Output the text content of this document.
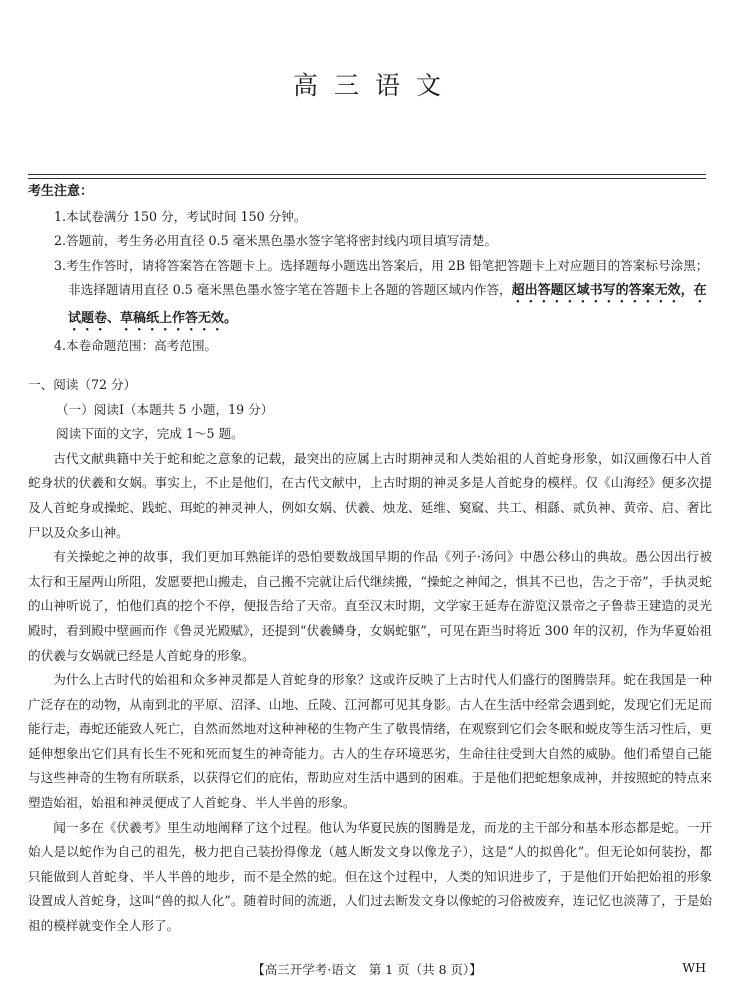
高三语文
考生注意：
1.本试卷满分 150 分，考试时间 150 分钟。
2.答题前，考生务必用直径 0.5 毫米黑色墨水签字笔将密封线内项目填写清楚。
3.考生作答时，请将答案答在答题卡上。选择题每小题选出答案后，用 2B 铅笔把答题卡上对应题目的答案标号涂黑；非选择题请用直径 0.5 毫米黑色墨水签字笔在答题卡上各题的答题区域内作答，超出答题区域书写的答案无效，在试题卷、草稿纸上作答无效。
4.本卷命题范围：高考范围。
一、阅读（72 分）
（一）阅读Ⅰ（本题共 5 小题，19 分）
阅读下面的文字，完成 1～5 题。

古代文献典籍中关于蛇和蛇之意象的记载，最突出的应属上古时期神灵和人类始祖的人首蛇身形象，如汉画像石中人首蛇身状的伏羲和女娲。事实上，不止是他们，在古代文献中，上古时期的神灵多是人首蛇身的模样。仅《山海经》便多次提及人首蛇身或操蛇、践蛇、珥蛇的神灵神人，例如女娲、伏羲、烛龙、延维、窫窳、共工、相繇、贰负神、黄帝、启、奢比尸以及众多山神。

有关操蛇之神的故事，我们更加耳熟能详的恐怕要数战国早期的作品《列子·汤问》中愚公移山的典故。愚公因出行被太行和王屋两山所阻，发愿要把山搬走，自己搬不完就让后代继续搬，“操蛇之神闻之，惧其不已也，告之于帝”，手执灵蛇的山神听说了，怕他们真的挖个不停，便报告给了天帝。直至汉末时期，文学家王延寿在游览汉景帝之子鲁恭王建造的灵光殿时，看到殿中壁画而作《鲁灵光殿赋》，还提到“伏羲鳞身，女娲蛇躯”，可见在距当时将近 300 年的汉初，作为华夏始祖的伏羲与女娲就已经是人首蛇身的形象。

为什么上古时代的始祖和众多神灵都是人首蛇身的形象？这或许反映了上古时代人们盛行的图腾崇拜。蛇在我国是一种广泛存在的动物，从南到北的平原、沼泽、山地、丘陵、江河都可见其身影。古人在生活中经常会遇到蛇，发现它们无足而能行走，毒蛇还能致人死亡，自然而然地对这种神秘的生物产生了敬畏情绪，在观察到它们会冬眠和蜕皮等生活习性后，更延伸想象出它们具有长生不死和死而复生的神奇能力。古人的生存环境恶劣，生命往往受到大自然的威胁。他们希望自己能与这些神奇的生物有所联系，以获得它们的庇佑，帮助应对生活中遇到的困难。于是他们把蛇想象成神，并按照蛇的特点来塑造始祖，始祖和神灵便成了人首蛇身、半人半兽的形象。

闻一多在《伏羲考》里生动地阐释了这个过程。他认为华夏民族的图腾是龙，而龙的主干部分和基本形态都是蛇。一开始人是以蛇作为自己的祖先，极力把自己装扮得像龙（越人断发文身以像龙子），这是“人的拟兽化”。但无论如何装扮，都只能做到人首蛇身、半人半兽的地步，而不是全然的蛇。但在这个过程中，人类的知识进步了，于是他们开始把始祖的形象设置成人首蛇身，这叫“兽的拟人化”。随着时间的流逝，人们过去断发文身以像蛇的习俗被废弃，连记忆也淡薄了，于是始祖的模样就变作全人形了。

【高三开学考·语文　第 1 页（共 8 页）】	WH
